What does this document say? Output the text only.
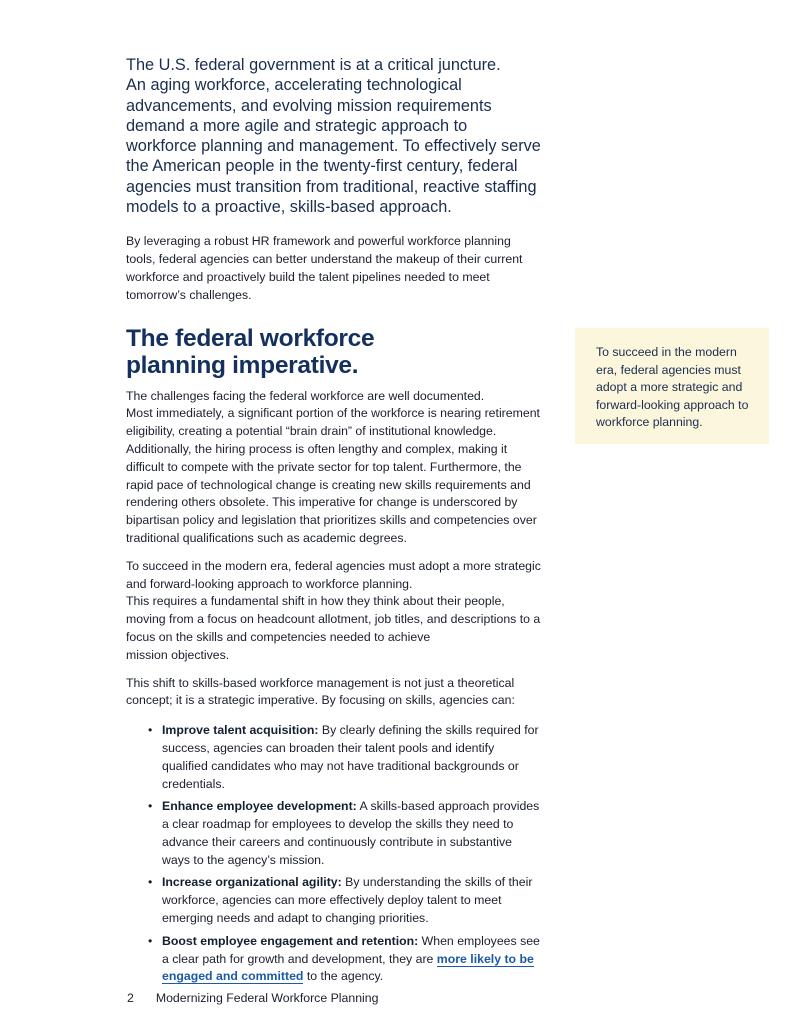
The U.S. federal government is at a critical juncture.
An aging workforce, accelerating technological advancements, and evolving mission requirements demand a more agile and strategic approach to workforce planning and management. To effectively serve the American people in the twenty-first century, federal agencies must transition from traditional, reactive staffing models to a proactive, skills-based approach.

By leveraging a robust HR framework and powerful workforce planning tools, federal agencies can better understand the makeup of their current workforce and proactively build the talent pipelines needed to meet tomorrow’s challenges.

The federal workforce
planning imperative.

The challenges facing the federal workforce are well documented.
Most immediately, a significant portion of the workforce is nearing retirement eligibility, creating a potential “brain drain” of institutional knowledge. Additionally, the hiring process is often lengthy and complex, making it difficult to compete with the private sector for top talent. Furthermore, the rapid pace of technological change is creating new skills requirements and rendering others obsolete. This imperative for change is underscored by bipartisan policy and legislation that prioritizes skills and competencies over traditional qualifications such as academic degrees.

To succeed in the modern era, federal agencies must adopt a more strategic and forward-looking approach to workforce planning.
This requires a fundamental shift in how they think about their people, moving from a focus on headcount allotment, job titles, and descriptions to a focus on the skills and competencies needed to achieve
mission objectives.

This shift to skills-based workforce management is not just a theoretical concept; it is a strategic imperative. By focusing on skills, agencies can:

• Improve talent acquisition: By clearly defining the skills required for success, agencies can broaden their talent pools and identify qualified candidates who may not have traditional backgrounds or credentials.
• Enhance employee development: A skills-based approach provides a clear roadmap for employees to develop the skills they need to advance their careers and continuously contribute in substantive ways to the agency’s mission.
• Increase organizational agility: By understanding the skills of their workforce, agencies can more effectively deploy talent to meet emerging needs and adapt to changing priorities.
• Boost employee engagement and retention: When employees see a clear path for growth and development, they are more likely to be engaged and committed to the agency.
To succeed in the modern era, federal agencies must adopt a more strategic and forward-looking approach to workforce planning.
2 Modernizing Federal Workforce Planning
